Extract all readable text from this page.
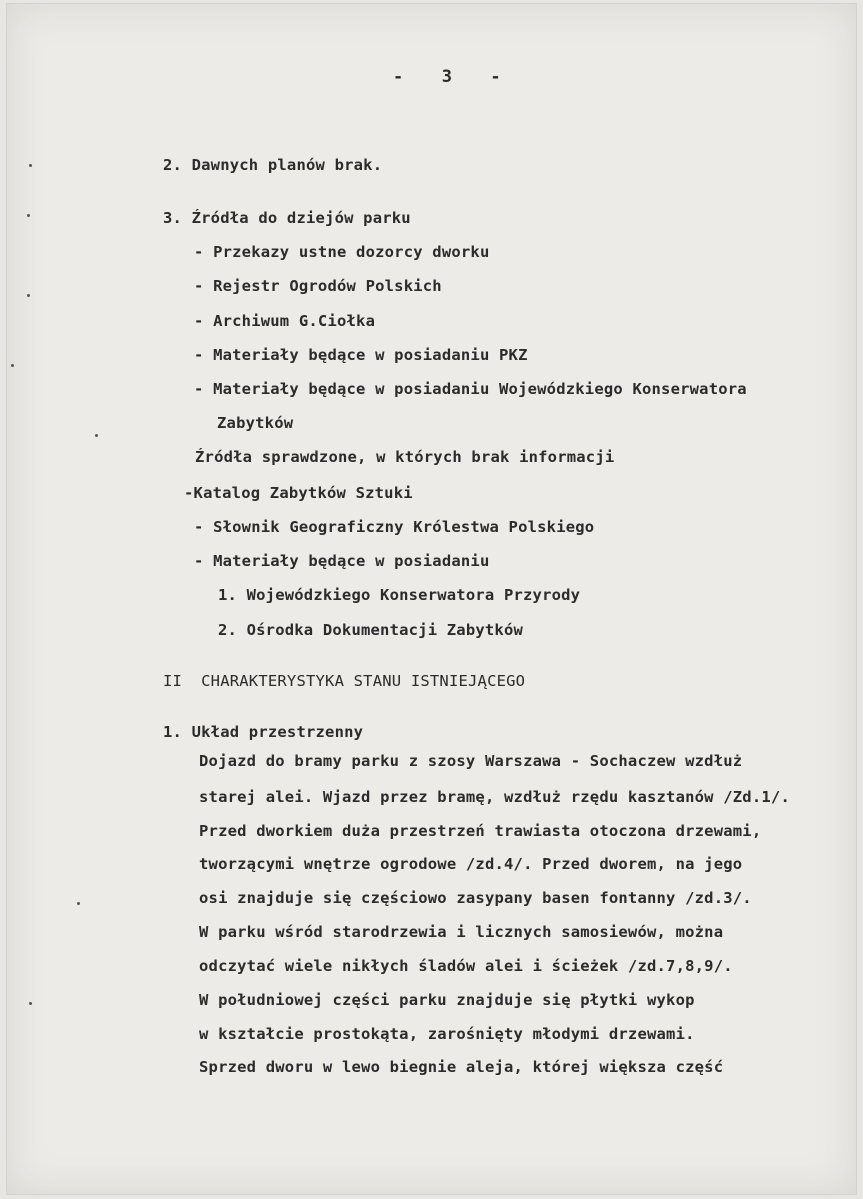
-  3  -
2. Dawnych planów brak.
3. Źródła do dziejów parku
- Przekazy ustne dozorcy dworku
- Rejestr Ogrodów Polskich
- Archiwum G.Ciołka
- Materiały będące w posiadaniu PKZ
- Materiały będące w posiadaniu Wojewódzkiego Konserwatora
Zabytków
Źródła sprawdzone, w których brak informacji
-Katalog Zabytków Sztuki
- Słownik Geograficzny Królestwa Polskiego
- Materiały będące w posiadaniu
1. Wojewódzkiego Konserwatora Przyrody
2. Ośrodka Dokumentacji Zabytków
II  CHARAKTERYSTYKA STANU ISTNIEJĄCEGO
1. Układ przestrzenny
Dojazd do bramy parku z szosy Warszawa - Sochaczew wzdłuż
starej alei. Wjazd przez bramę, wzdłuż rzędu kasztanów /Zd.1/.
Przed dworkiem duża przestrzeń trawiasta otoczona drzewami,
tworzącymi wnętrze ogrodowe /zd.4/. Przed dworem, na jego
osi znajduje się częściowo zasypany basen fontanny /zd.3/.
W parku wśród starodrzewia i licznych samosiewów, można
odczytać wiele nikłych śladów alei i ścieżek /zd.7,8,9/.
W południowej części parku znajduje się płytki wykop
w kształcie prostokąta, zarośnięty młodymi drzewami.
Sprzed dworu w lewo biegnie aleja, której większa część
